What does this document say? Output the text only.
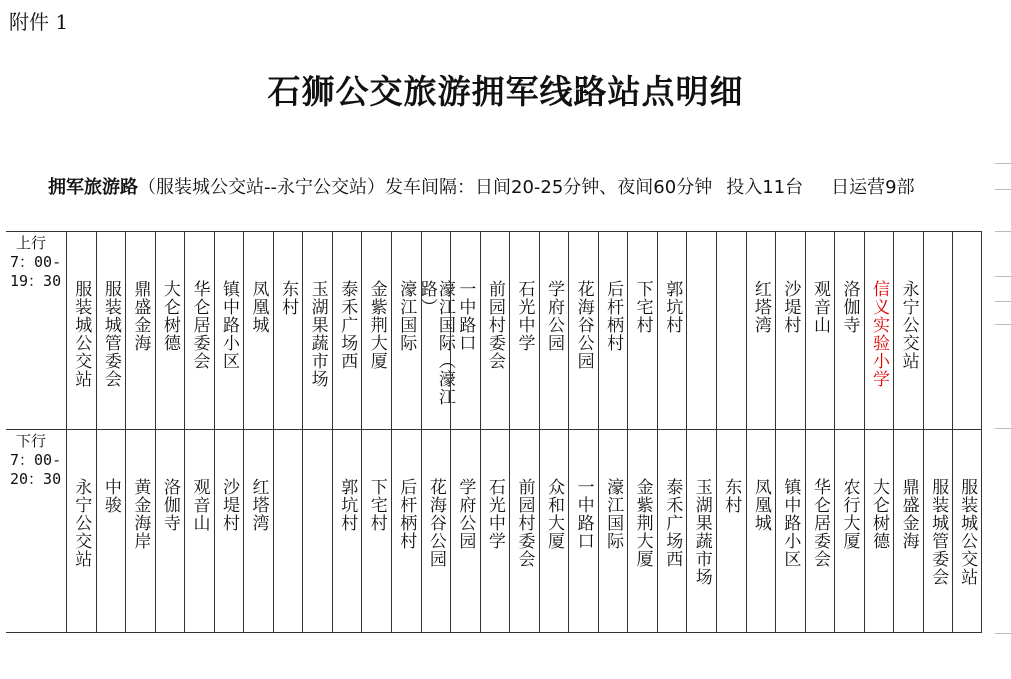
附件 1
石狮公交旅游拥军线路站点明细
拥军旅游路（服装城公交站--永宁公交站）发车间隔：日间20-25分钟、夜间60分钟 投入11台 日运营9部
上行
7：00-19：30 服装城公交站 服装城管委会 鼎盛金海 大仑树德 华仑居委会 镇中路小区 凤凰城 东村 玉湖果蔬市场 泰禾广场西 金紫荆大厦 濠江国际	濠江国际（濠江路）	一中路口 前园村委会 石光中学 学府公园 花海谷公园 后杆柄村 下宅村 郭坑村	红塔湾 沙堤村 观音山 洛伽寺 信义实验小学 永宁公交站
下行
7：00-20：30 永宁公交站 中骏 黄金海岸 洛伽寺 观音山 沙堤村 红塔湾	郭坑村 下宅村 后杆柄村 花海谷公园 学府公园 石光中学 前园村委会 众和大厦 一中路口 濠江国际 金紫荆大厦 泰禾广场西 玉湖果蔬市场 东村 凤凰城 镇中路小区 华仑居委会 农行大厦 大仑树德 鼎盛金海 服装城管委会 服装城公交站
